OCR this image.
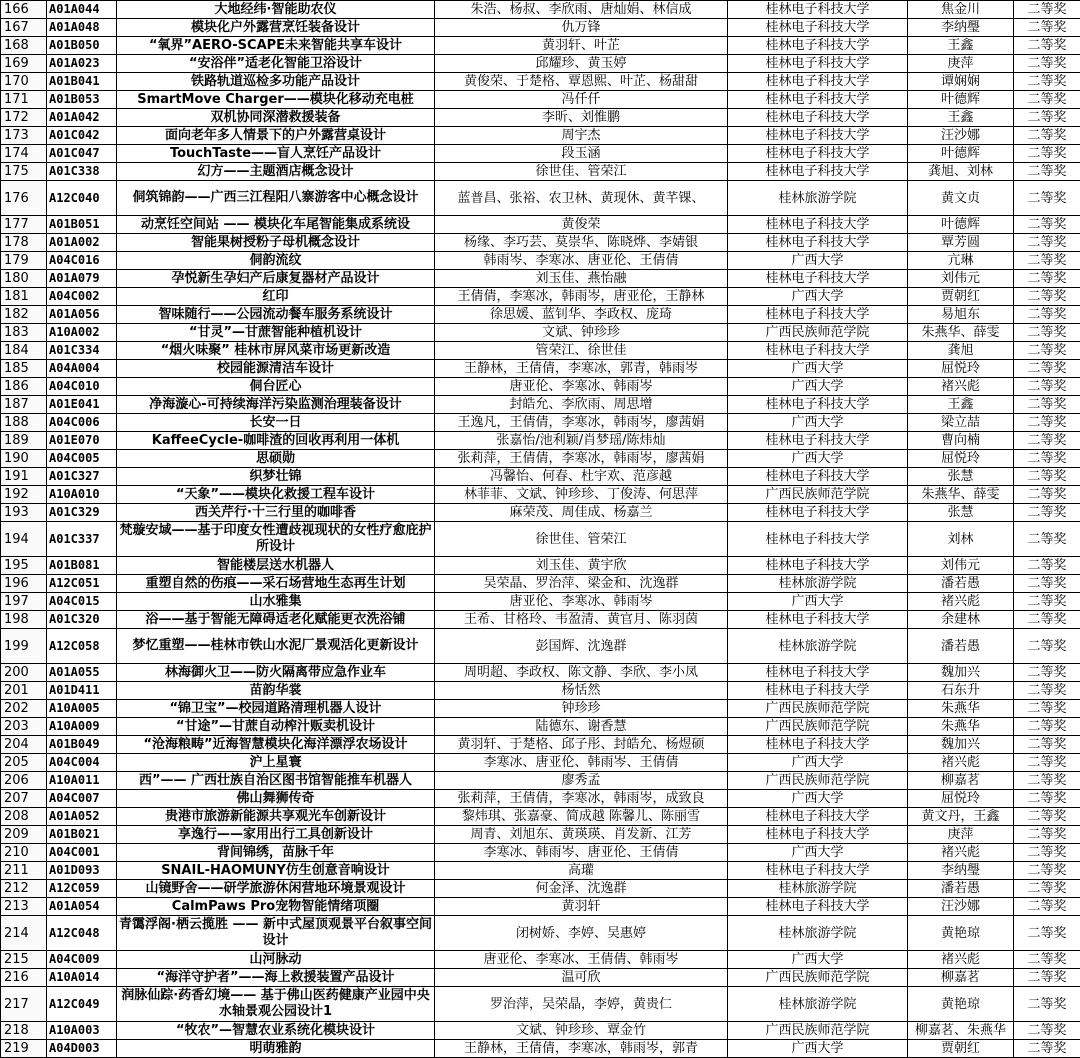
166	A01A044	大地经纬·智能助农仪	朱浩、杨叔、李欣雨、唐灿娟、林信成	桂林电子科技大学	焦金川	二等奖
167	A01A048	模块化户外露营烹饪装备设计	仇万锋	桂林电子科技大学	李纳璺	二等奖
168	A01B050	“氧界”AERO-SCAPE未来智能共享车设计	黄羽轩、叶芷	桂林电子科技大学	王鑫	二等奖
169	A01A023	“安浴伴”适老化智能卫浴设计	邱耀珍、黄玉婷	桂林电子科技大学	庚萍	二等奖
170	A01B041	铁路轨道巡检多功能产品设计	黄俊荣、于楚格、覃恩熙、叶芷、杨甜甜	桂林电子科技大学	谭娴娴	二等奖
171	A01B053	SmartMove Charger——模块化移动充电桩	冯仟仟	桂林电子科技大学	叶德辉	二等奖
172	A01A042	双机协同深潜救援装备	李昕、刘惟鹏	桂林电子科技大学	王鑫	二等奖
173	A01C042	面向老年多人情景下的户外露营桌设计	周宇杰	桂林电子科技大学	汪沙娜	二等奖
174	A01C047	TouchTaste——盲人烹饪产品设计	段玉涵	桂林电子科技大学	叶德辉	二等奖
175	A01C338	幻方——主题酒店概念设计	徐世佳、管荣江	桂林电子科技大学	龚旭、刘林	二等奖
176	A12C040	侗筑锦韵——广西三江程阳八寨游客中心概念设计	蓝普昌、张裕、农卫林、黄现休、黄芊锞、	桂林旅游学院	黄文贞	二等奖
177	A01B051	动烹饪空间站 —— 模块化车尾智能集成系统设	黄俊荣	桂林电子科技大学	叶德辉	二等奖
178	A01A002	智能果树授粉子母机概念设计	杨缘、李巧芸、莫崇华、陈晓烨、李婧银	桂林电子科技大学	覃芳圆	二等奖
179	A04C016	侗韵流纹	韩雨岑、李寒冰、唐亚伦、王倩倩	广西大学	亢琳	二等奖
180	A01A079	孕悦新生孕妇产后康复器材产品设计	刘玉佳、燕怡融	桂林电子科技大学	刘伟元	二等奖
181	A04C002	红印	王倩倩，李寒冰，韩雨岑，唐亚伦，王静林	广西大学	贾朝红	二等奖
182	A01A056	智味随行——公园流动餐车服务系统设计	徐思媛、蓝钊华、李政权、庞琦	桂林电子科技大学	易旭东	二等奖
183	A10A002	“甘灵”—甘蔗智能种植机设计	文斌、钟珍珍	广西民族师范学院	朱燕华、薛雯	二等奖
184	A01C334	“烟火味聚” 桂林市屏风菜市场更新改造	管荣江、徐世佳	桂林电子科技大学	龚旭	二等奖
185	A04A004	校园能源清洁车设计	王静林，王倩倩，李寒冰，郭青，韩雨岑	广西大学	屈悦玲	二等奖
186	A04C010	侗台匠心	唐亚伦、李寒冰、韩雨岑	广西大学	褚兴彪	二等奖
187	A01E041	净海漩心-可持续海洋污染监测治理装备设计	封皓允、李欣雨、周思增	桂林电子科技大学	王鑫	二等奖
188	A04C006	长安一日	王逸凡，王倩倩，李寒冰，韩雨岑，廖茜娟	广西大学	梁立喆	二等奖
189	A01E070	KaffeeCycle-咖啡渣的回收再利用一体机	张嘉怡/池利颖/肖梦瑶/陈炜灿	桂林电子科技大学	曹向楠	二等奖
190	A04C005	思硕勋	张莉萍，王倩倩，李寒冰，韩雨岑，廖茜娟	广西大学	屈悦玲	二等奖
191	A01C327	织梦壮锦	冯馨怡、何春、杜宇欢、范彦越	桂林电子科技大学	张慧	二等奖
192	A10A010	“天象”——模块化救援工程车设计	林菲菲、文斌、钟珍珍、丁俊涛、何思萍	广西民族师范学院	朱燕华、薛雯	二等奖
193	A01C329	西关芹行·十三行里的咖啡香	麻荣茂、周佳成、杨嘉兰	桂林电子科技大学	张慧	二等奖
194	A01C337	梵璇安域——基于印度女性遭歧视现状的女性疗愈庇护所设计	徐世佳、管荣江	桂林电子科技大学	刘林	二等奖
195	A01B081	智能楼层送水机器人	刘玉佳、黄宇欣	桂林电子科技大学	刘伟元	二等奖
196	A12C051	重塑自然的伤痕——采石场营地生态再生计划	吴荣晶、罗治萍、梁金和、沈逸群	桂林旅游学院	潘若愚	二等奖
197	A04C015	山水雅集	唐亚伦、李寒冰、韩雨岑	广西大学	褚兴彪	二等奖
198	A01C320	浴——基于智能无障碍适老化赋能更衣洗浴铺	王希、甘格玲、韦盈清、黄官月、陈羽茵	桂林电子科技大学	余建林	二等奖
199	A12C058	梦忆重塑——桂林市铁山水泥厂景观活化更新设计	彭国辉、沈逸群	桂林旅游学院	潘若愚	二等奖
200	A01A055	林海御火卫——防火隔离带应急作业车	周明超、李政权、陈文静、李欣、李小凤	桂林电子科技大学	魏加兴	二等奖
201	A01D411	苗韵华裳	杨恬然	桂林电子科技大学	石东升	二等奖
202	A10A005	“锦卫宝”—校园道路清理机器人设计	钟珍珍	广西民族师范学院	朱燕华	二等奖
203	A10A009	“甘途”—甘蔗自动榨汁贩卖机设计	陆德东、谢香慧	广西民族师范学院	朱燕华	二等奖
204	A01B049	“沧海粮畴”近海智慧模块化海洋漂浮农场设计	黄羽轩、于楚格、邱子彤、封皓允、杨煜硕	桂林电子科技大学	魏加兴	二等奖
205	A04C004	沪上星寰	李寒冰、唐亚伦、韩雨岑、王倩倩	广西大学	褚兴彪	二等奖
206	A10A011	西”—— 广西壮族自治区图书馆智能推车机器人	廖秀孟	广西民族师范学院	柳嘉茗	二等奖
207	A04C007	佛山舞狮传奇	张莉萍，王倩倩，李寒冰，韩雨岑，成致良	广西大学	屈悦玲	二等奖
208	A01A052	贵港市旅游新能源共享观光车创新设计	黎炜琪、张嘉豪、简成越 陈馨儿、陈丽雪	桂林电子科技大学	黄文丹，王鑫	二等奖
209	A01B021	享逸行——家用出行工具创新设计	周青、刘旭东、黄瑛瑛、肖发新、江芳	桂林电子科技大学	庚萍	二等奖
210	A04C001	背间锦绣，苗脉千年	李寒冰、韩雨岑、唐亚伦、王倩倩	广西大学	褚兴彪	二等奖
211	A01D093	SNAIL-HAOMUNY仿生创意音响设计	高瓘	桂林电子科技大学	李纳璺	二等奖
212	A12C059	山镜野舍——研学旅游休闲营地环境景观设计	何金泽、沈逸群	桂林旅游学院	潘若愚	二等奖
213	A01A054	CalmPaws Pro宠物智能情绪项圈	黄羽轩	桂林电子科技大学	汪沙娜	二等奖
214	A12C048	青霭浮阁·栖云揽胜 —— 新中式屋顶观景平台叙事空间设计	闭树娇、李婷、吴惠婷	桂林旅游学院	黄艳琼	二等奖
215	A04C009	山河脉动	唐亚伦、李寒冰、王倩倩、韩雨岑	广西大学	褚兴彪	二等奖
216	A10A014	“海洋守护者”——海上救援装置产品设计	温可欣	广西民族师范学院	柳嘉茗	二等奖
217	A12C049	润脉仙踪·药香幻境—— 基于佛山医药健康产业园中央水轴景观公园设计1	罗治萍，吴荣晶，李婷，黄贵仁	桂林旅游学院	黄艳琼	二等奖
218	A10A003	“牧农”—智慧农业系统化模块设计	文斌、钟珍珍、覃金竹	广西民族师范学院	柳嘉茗、朱燕华	二等奖
219	A04D003	明萌雅韵	王静林，王倩倩，李寒冰，韩雨岑，郭青	广西大学	贾朝红	二等奖
